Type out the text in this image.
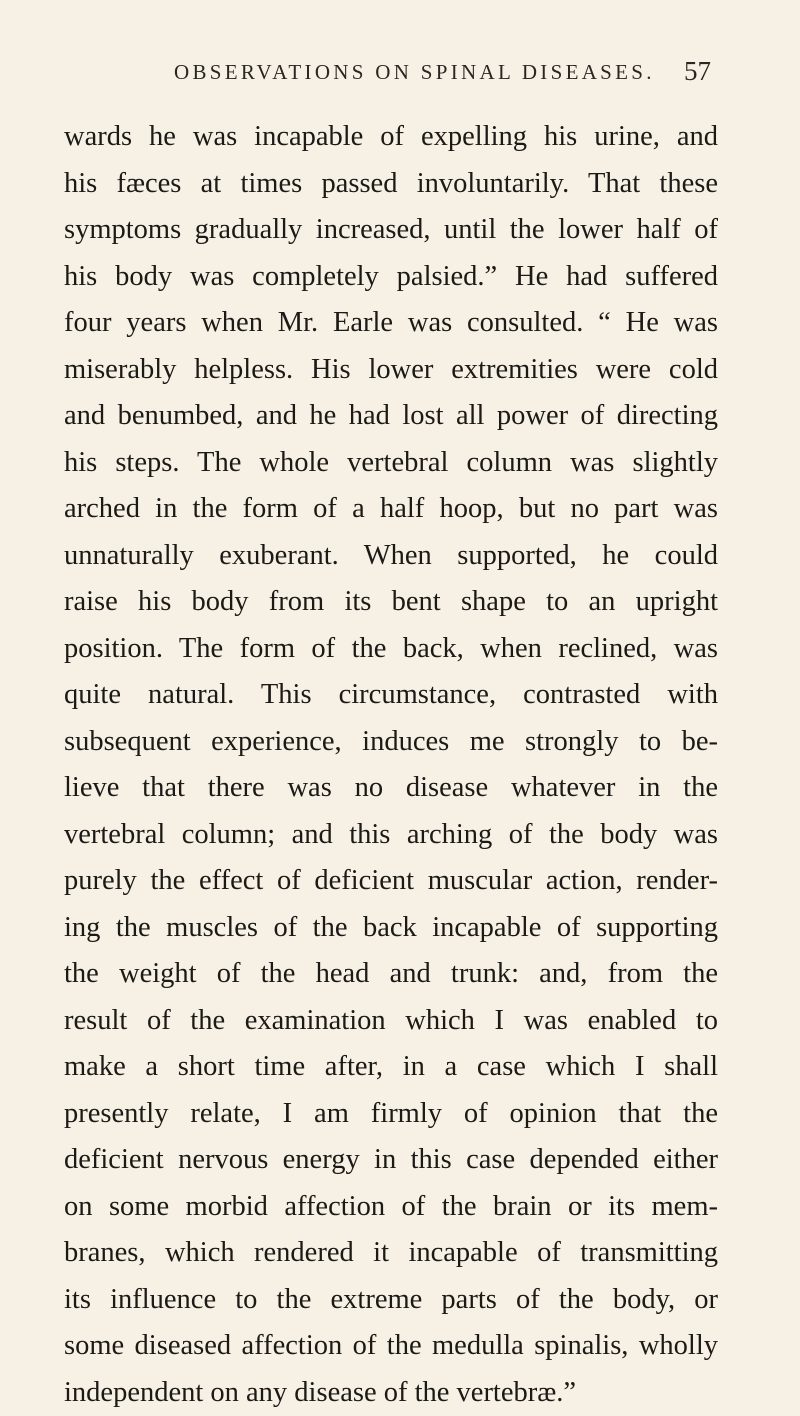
OBSERVATIONS ON SPINAL DISEASES. 57
wards he was incapable of expelling his urine, and
his fæces at times passed involuntarily. That these
symptoms gradually increased, until the lower half of
his body was completely palsied.” He had suffered
four years when Mr. Earle was consulted. “ He was
miserably helpless. His lower extremities were cold
and benumbed, and he had lost all power of directing
his steps. The whole vertebral column was slightly
arched in the form of a half hoop, but no part was
unnaturally exuberant. When supported, he could
raise his body from its bent shape to an upright
position. The form of the back, when reclined, was
quite natural. This circumstance, contrasted with
subsequent experience, induces me strongly to be-
lieve that there was no disease whatever in the
vertebral column; and this arching of the body was
purely the effect of deficient muscular action, render-
ing the muscles of the back incapable of supporting
the weight of the head and trunk: and, from the
result of the examination which I was enabled to
make a short time after, in a case which I shall
presently relate, I am firmly of opinion that the
deficient nervous energy in this case depended either
on some morbid affection of the brain or its mem-
branes, which rendered it incapable of transmitting
its influence to the extreme parts of the body, or
some diseased affection of the medulla spinalis, wholly
independent on any disease of the vertebræ.”
